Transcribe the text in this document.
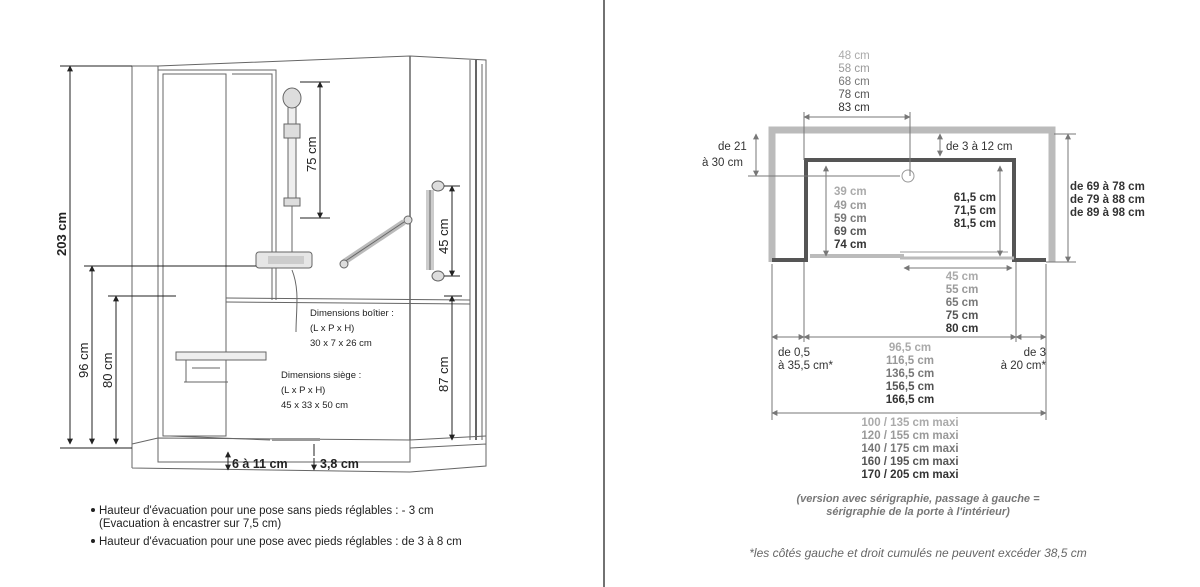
203 cm
96 cm 80 cm
75 cm
45 cm
87 cm
6 à 11 cm	3,8 cm
Dimensions boîtier :
(L x P x H)
30 x 7 x 26 cm
Dimensions siège :
(L x P x H)
45 x 33 x 50 cm
Hauteur d'évacuation pour une pose sans pieds réglables : - 3 cm
(Evacuation à encastrer sur 7,5 cm)
Hauteur d'évacuation pour une pose avec pieds réglables : de 3 à 8 cm
48 cm
58 cm
68 cm
78 cm
83 cm
de 21
à 30 cm
de 3 à 12 cm
39 cm
49 cm
59 cm
69 cm
74 cm
61,5 cm
71,5 cm
81,5 cm
de 69 à 78 cm
de 79 à 88 cm
de 89 à 98 cm
45 cm
55 cm
65 cm
75 cm
80 cm
de 0,5
à 35,5 cm*
de 3
à 20 cm*
96,5 cm
116,5 cm
136,5 cm
156,5 cm
166,5 cm
100 / 135 cm maxi
120 / 155 cm maxi
140 / 175 cm maxi
160 / 195 cm maxi
170 / 205 cm maxi
(version avec sérigraphie, passage à gauche =
sérigraphie de la porte à l'intérieur)
*les côtés gauche et droit cumulés ne peuvent excéder 38,5 cm
